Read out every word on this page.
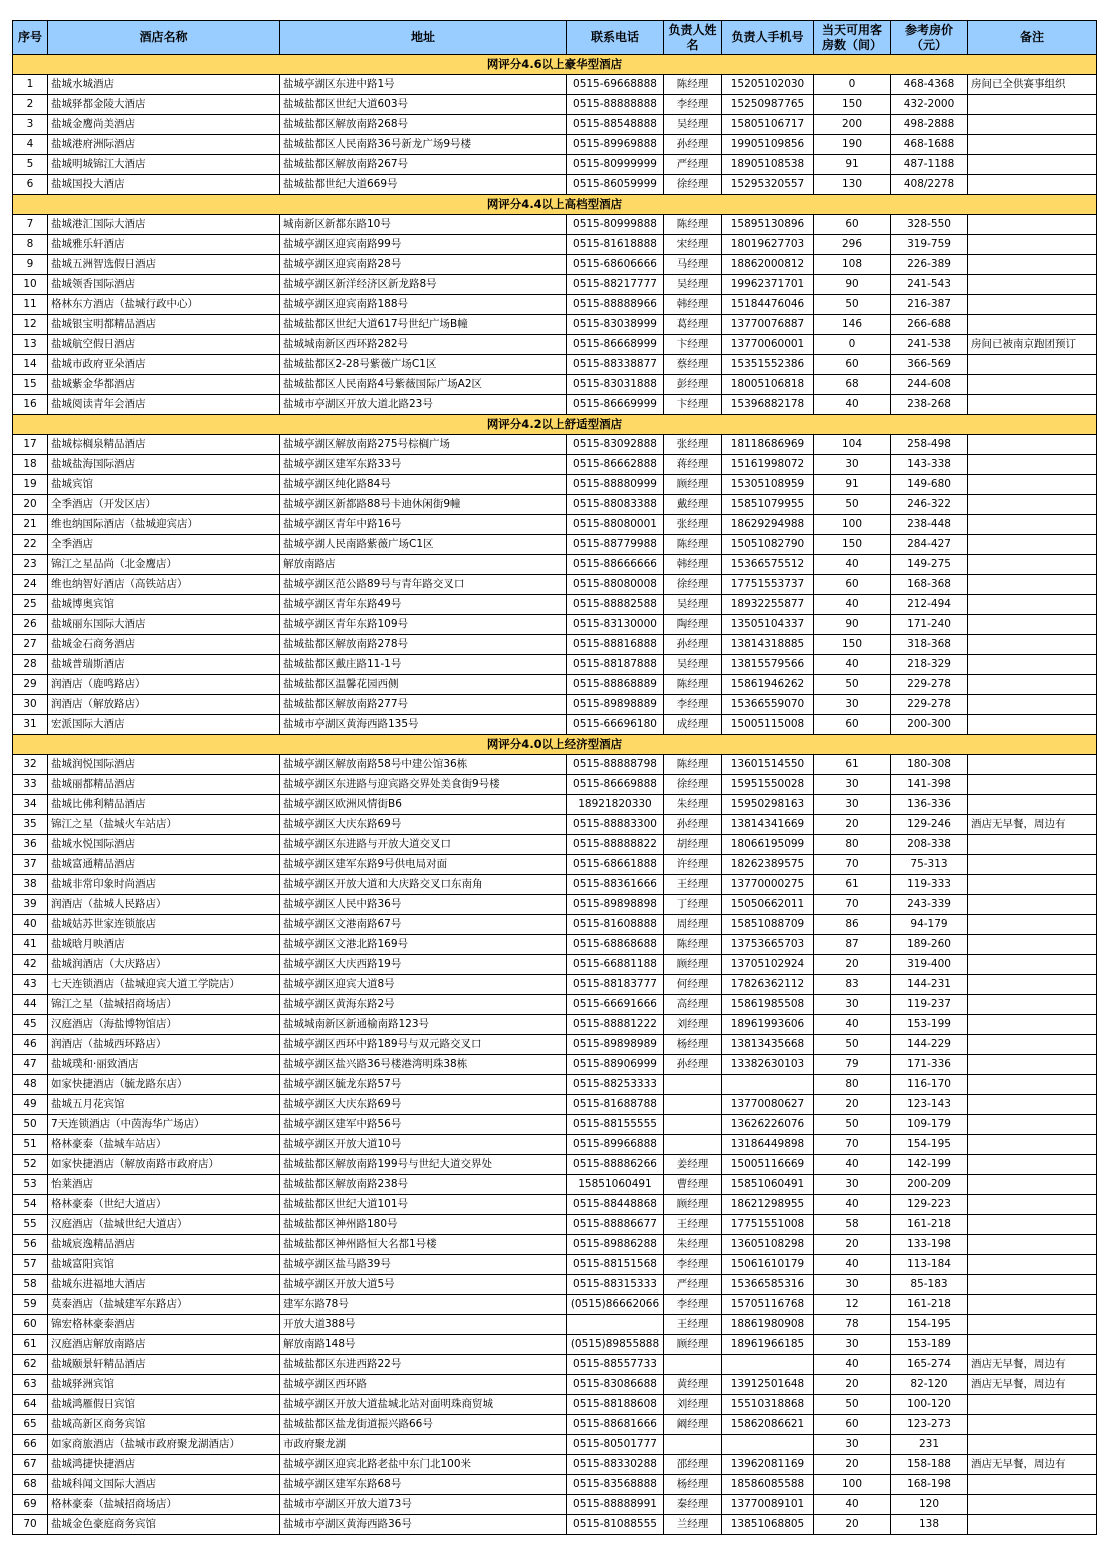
序号	酒店名称	地址	联系电话	负责人姓名	负责人手机号	当天可用客房数（间）	参考房价（元）	备注
网评分4.6以上豪华型酒店								
1	盐城水城酒店	盐城亭湖区东进中路1号	0515-69668888	陈经理	15205102030	0	468-4368	房间已全供赛事组织
2	盐城驿都金陵大酒店	盐城盐都区世纪大道603号	0515-88888888	李经理	15250987765	150	432-2000	
3	盐城金鹰尚美酒店	盐城盐都区解放南路268号	0515-88548888	吴经理	15805106717	200	498-2888	
4	盐城港府洲际酒店	盐城盐都区人民南路36号新龙广场9号楼	0515-89969888	孙经理	19905109856	190	468-1688	
5	盐城明城锦江大酒店	盐城盐都区解放南路267号	0515-80999999	严经理	18905108538	91	487-1188	
6	盐城国投大酒店	盐城盐都世纪大道669号	0515-86059999	徐经理	15295320557	130	408/2278	
网评分4.4以上高档型酒店								
7	盐城港汇国际大酒店	城南新区新都东路10号	0515-80999888	陈经理	15895130896	60	328-550	
8	盐城雅乐轩酒店	盐城亭湖区迎宾南路99号	0515-81618888	宋经理	18019627703	296	319-759	
9	盐城五洲智选假日酒店	盐城亭湖区迎宾南路28号	0515-68606666	马经理	18862000812	108	226-389	
10	盐城领香国际酒店	盐城亭湖区新洋经济区新龙路8号	0515-88217777	吴经理	19962371701	90	241-543	
11	格林东方酒店（盐城行政中心）	盐城亭湖区迎宾南路188号	0515-88888966	韩经理	15184476046	50	216-387	
12	盐城银宝明都精品酒店	盐城盐都区世纪大道617号世纪广场B幢	0515-83038999	葛经理	13770076887	146	266-688	
13	盐城航空假日酒店	盐城城南新区西环路282号	0515-86668999	卞经理	13770060001	0	241-538	房间已被南京跑团预订
14	盐城市政府亚朵酒店	盐城盐都区2-28号紫薇广场C1区	0515-88338877	蔡经理	15351552386	60	366-569	
15	盐城紫金华都酒店	盐城盐都区人民南路4号紫薇国际广场A2区	0515-83031888	彭经理	18005106818	68	244-608	
16	盐城阅读青年会酒店	盐城市亭湖区开放大道北路23号	0515-86669999	卞经理	15396882178	40	238-268	
网评分4.2以上舒适型酒店								
17	盐城棕榈泉精品酒店	盐城亭湖区解放南路275号棕榈广场	0515-83092888	张经理	18118686969	104	258-498	
18	盐城盐海国际酒店	盐城亭湖区建军东路33号	0515-86662888	蒋经理	15161998072	30	143-338	
19	盐城宾馆	盐城亭湖区纯化路84号	0515-88880999	顾经理	15305108959	91	149-680	
20	全季酒店（开发区店）	盐城亭湖区新都路88号卡迪休闲街9幢	0515-88083388	戴经理	15851079955	50	246-322	
21	维也纳国际酒店（盐城迎宾店）	盐城亭湖区青年中路16号	0515-88080001	张经理	18629294988	100	238-448	
22	全季酒店	盐城亭湖人民南路紫薇广场C1区	0515-88779988	陈经理	15051082790	150	284-427	
23	锦江之星品尚（北金鹰店）	解放南路店	0515-88666666	韩经理	15366575512	40	149-275	
24	维也纳智好酒店（高铁站店）	盐城亭湖区范公路89号与青年路交叉口	0515-88080008	徐经理	17751553737	60	168-368	
25	盐城博奥宾馆	盐城亭湖区青年东路49号	0515-88882588	吴经理	18932255877	40	212-494	
26	盐城丽东国际大酒店	盐城亭湖区青年东路109号	0515-83130000	陶经理	13505104337	90	171-240	
27	盐城金石商务酒店	盐城盐都区解放南路278号	0515-88816888	孙经理	13814318885	150	318-368	
28	盐城普瑞斯酒店	盐城盐都区戴庄路11-1号	0515-88187888	吴经理	13815579566	40	218-329	
29	润酒店（鹿鸣路店）	盐城盐都区温馨花园西侧	0515-88868889	陈经理	15861946262	50	229-278	
30	润酒店（解放路店）	盐城盐都区解放南路277号	0515-89898889	李经理	15366559070	30	229-278	
31	宏派国际大酒店	盐城市亭湖区黄海西路135号	0515-66696180	成经理	15005115008	60	200-300	
网评分4.0以上经济型酒店								
32	盐城润悦国际酒店	盐城亭湖区解放南路58号中建公馆36栋	0515-88888798	陈经理	13601514550	61	180-308	
33	盐城丽都精品酒店	盐城亭湖区东进路与迎宾路交界处美食街9号楼	0515-86669888	徐经理	15951550028	30	141-398	
34	盐城比佛利精品酒店	盐城亭湖区欧洲风情街B6	18921820330	朱经理	15950298163	30	136-336	
35	锦江之星（盐城火车站店）	盐城亭湖区大庆东路69号	0515-88883300	孙经理	13814341669	20	129-246	酒店无早餐，周边有
36	盐城水悦国际酒店	盐城亭湖区东进路与开放大道交叉口	0515-88888822	胡经理	18066195099	80	208-338	
37	盐城富通精品酒店	盐城亭湖区建军东路9号供电局对面	0515-68661888	许经理	18262389575	70	75-313	
38	盐城非常印象时尚酒店	盐城亭湖区开放大道和大庆路交叉口东南角	0515-88361666	王经理	13770000275	61	119-333	
39	润酒店（盐城人民路店）	盐城亭湖区人民中路36号	0515-89898898	丁经理	15050662011	70	243-339	
40	盐城姑苏世家连锁旅店	盐城亭湖区文港南路67号	0515-81608888	周经理	15851088709	86	94-179	
41	盐城晗月映酒店	盐城亭湖区文港北路169号	0515-68868688	陈经理	13753665703	87	189-260	
42	盐城润酒店（大庆路店）	盐城亭湖区大庆西路19号	0515-66881188	顾经理	13705102924	20	319-400	
43	七天连锁酒店（盐城迎宾大道工学院店）	盐城亭湖区迎宾大道8号	0515-88183777	何经理	17826362112	83	144-231	
44	锦江之星（盐城招商场店）	盐城亭湖区黄海东路2号	0515-66691666	高经理	15861985508	30	119-237	
45	汉庭酒店（海盐博物馆店）	盐城城南新区新通榆南路123号	0515-88881222	刘经理	18961993606	40	153-199	
46	润酒店（盐城西环路店）	盐城亭湖区西环中路189号与双元路交叉口	0515-89898989	杨经理	13813435668	50	144-229	
47	盐城璞和·丽致酒店	盐城亭湖区盐兴路36号楼港湾明珠38栋	0515-88906999	孙经理	13382630103	79	171-336	
48	如家快捷酒店（毓龙路东店）	盐城亭湖区毓龙东路57号	0515-88253333			80	116-170	
49	盐城五月花宾馆	盐城亭湖区大庆东路69号	0515-81688788		13770080627	20	123-143	
50	7天连锁酒店（中茵海华广场店）	盐城亭湖区建军中路56号	0515-88155555		13626226076	50	109-179	
51	格林豪泰（盐城车站店）	盐城亭湖区开放大道10号	0515-89966888		13186449898	70	154-195	
52	如家快捷酒店（解放南路市政府店）	盐城盐都区解放南路199号与世纪大道交界处	0515-88886266	姜经理	15005116669	40	142-199	
53	怡莱酒店	盐城盐都区解放南路238号	15851060491	曹经理	15851060491	30	200-209	
54	格林豪泰（世纪大道店）	盐城盐都区世纪大道101号	0515-88448868	顾经理	18621298955	40	129-223	
55	汉庭酒店（盐城世纪大道店）	盐城盐都区神州路180号	0515-88886677	王经理	17751551008	58	161-218	
56	盐城宸逸精品酒店	盐城盐都区神州路恒大名都1号楼	0515-89886288	朱经理	13605108298	20	133-198	
57	盐城富阳宾馆	盐城亭湖区盐马路39号	0515-88151568	李经理	15061610179	40	113-184	
58	盐城东进福地大酒店	盐城亭湖区开放大道5号	0515-88315333	严经理	15366585316	30	85-183	
59	莫泰酒店（盐城建军东路店）	建军东路78号	(0515)86662066	李经理	15705116768	12	161-218	
60	锦宏格林豪泰酒店	开放大道388号		王经理	18861980908	78	154-195	
61	汉庭酒店解放南路店	解放南路148号	(0515)89855888	顾经理	18961966185	30	153-189	
62	盐城颐景轩精品酒店	盐城盐都区东进西路22号	0515-88557733			40	165-274	酒店无早餐，周边有
63	盐城驿洲宾馆	盐城亭湖区西环路	0515-83086688	黄经理	13912501648	20	82-120	酒店无早餐，周边有
64	盐城鸿雁假日宾馆	盐城亭湖区开放大道盐城北站对面明珠商贸城	0515-88188608	刘经理	15510318868	50	100-120	
65	盐城高新区商务宾馆	盐城盐都区盐龙街道振兴路66号	0515-88681666	阚经理	15862086621	60	123-273	
66	如家商旅酒店（盐城市政府聚龙湖酒店）	市政府聚龙湖	0515-80501777			30	231	
67	盐城鸿捷快捷酒店	盐城亭湖区迎宾北路老盐中东门北100米	0515-88330288	邵经理	13962081169	20	158-188	酒店无早餐，周边有
68	盐城科闻文国际大酒店	盐城亭湖区建军东路68号	0515-83568888	杨经理	18586085588	100	168-198	
69	格林豪泰（盐城招商场店）	盐城市亭湖区开放大道73号	0515-88888991	秦经理	13770089101	40	120	
70	盐城金色豪庭商务宾馆	盐城市亭湖区黄海西路36号	0515-81088555	兰经理	13851068805	20	138	
